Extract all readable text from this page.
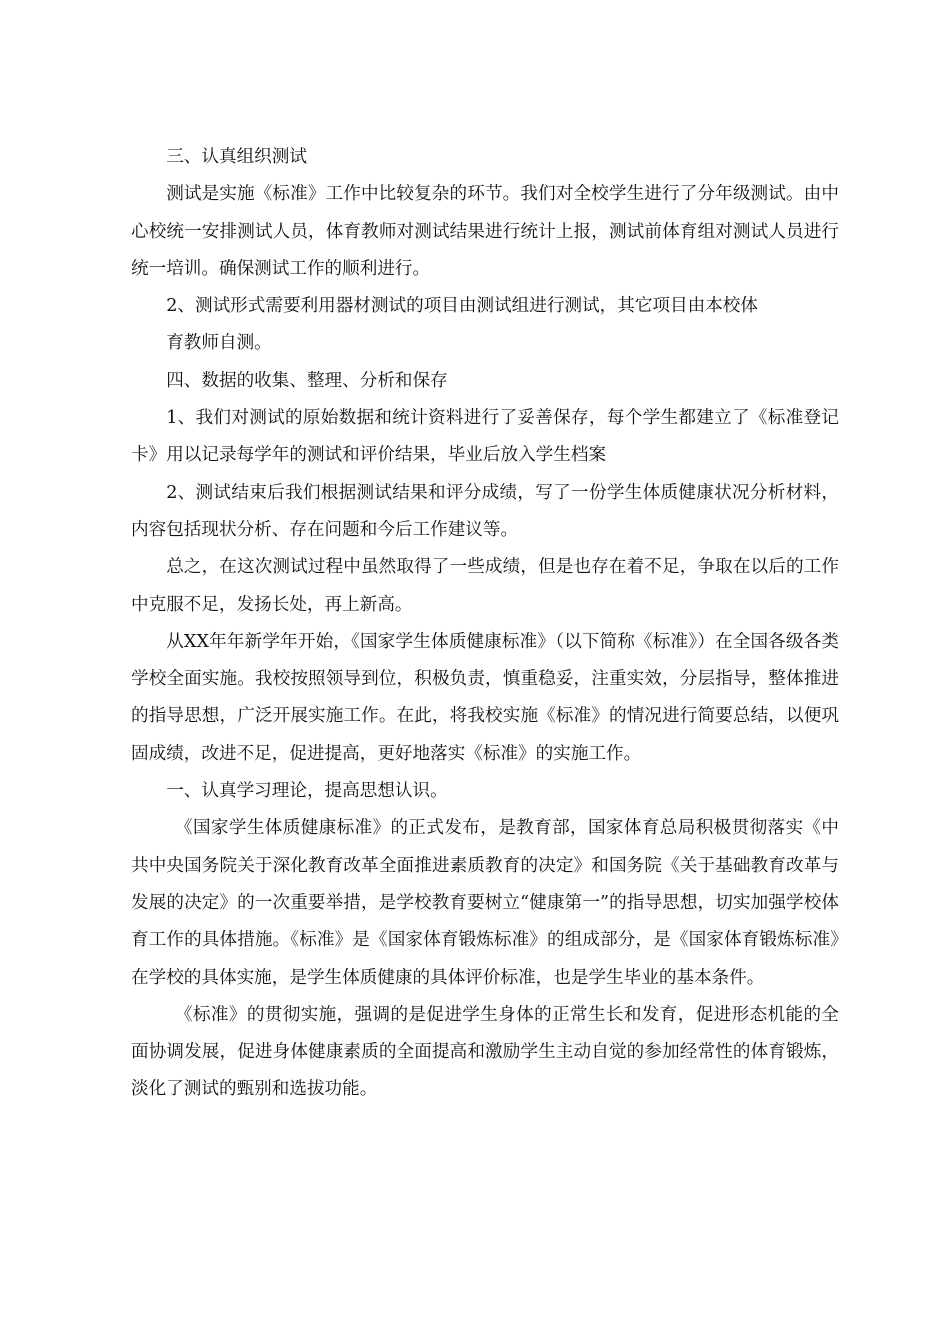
三、认真组织测试

测试是实施《标准》工作中比较复杂的环节。我们对全校学生进行了分年级测试。由中心校统一安排测试人员，体育教师对测试结果进行统计上报，测试前体育组对测试人员进行统一培训。确保测试工作的顺利进行。

2、测试形式需要利用器材测试的项目由测试组进行测试，其它项目由本校体

育教师自测。

四、数据的收集、整理、分析和保存

1、我们对测试的原始数据和统计资料进行了妥善保存，每个学生都建立了《标准登记卡》用以记录每学年的测试和评价结果，毕业后放入学生档案

2、测试结束后我们根据测试结果和评分成绩，写了一份学生体质健康状况分析材料，内容包括现状分析、存在问题和今后工作建议等。

总之，在这次测试过程中虽然取得了一些成绩，但是也存在着不足，争取在以后的工作中克服不足，发扬长处，再上新高。

从XX年年新学年开始，《国家学生体质健康标准》（以下简称《标准》）在全国各级各类学校全面实施。我校按照领导到位，积极负责，慎重稳妥，注重实效，分层指导，整体推进的指导思想，广泛开展实施工作。在此，将我校实施《标准》的情况进行简要总结，以便巩固成绩，改进不足，促进提高，更好地落实《标准》的实施工作。

一、认真学习理论，提高思想认识。

《国家学生体质健康标准》的正式发布，是教育部，国家体育总局积极贯彻落实《中共中央国务院关于深化教育改革全面推进素质教育的决定》和国务院《关于基础教育改革与发展的决定》的一次重要举措，是学校教育要树立“健康第一”的指导思想，切实加强学校体育工作的具体措施。《标准》是《国家体育锻炼标准》的组成部分，是《国家体育锻炼标准》在学校的具体实施，是学生体质健康的具体评价标准，也是学生毕业的基本条件。

《标准》的贯彻实施，强调的是促进学生身体的正常生长和发育，促进形态机能的全面协调发展，促进身体健康素质的全面提高和激励学生主动自觉的参加经常性的体育锻炼，淡化了测试的甄别和选拔功能。
